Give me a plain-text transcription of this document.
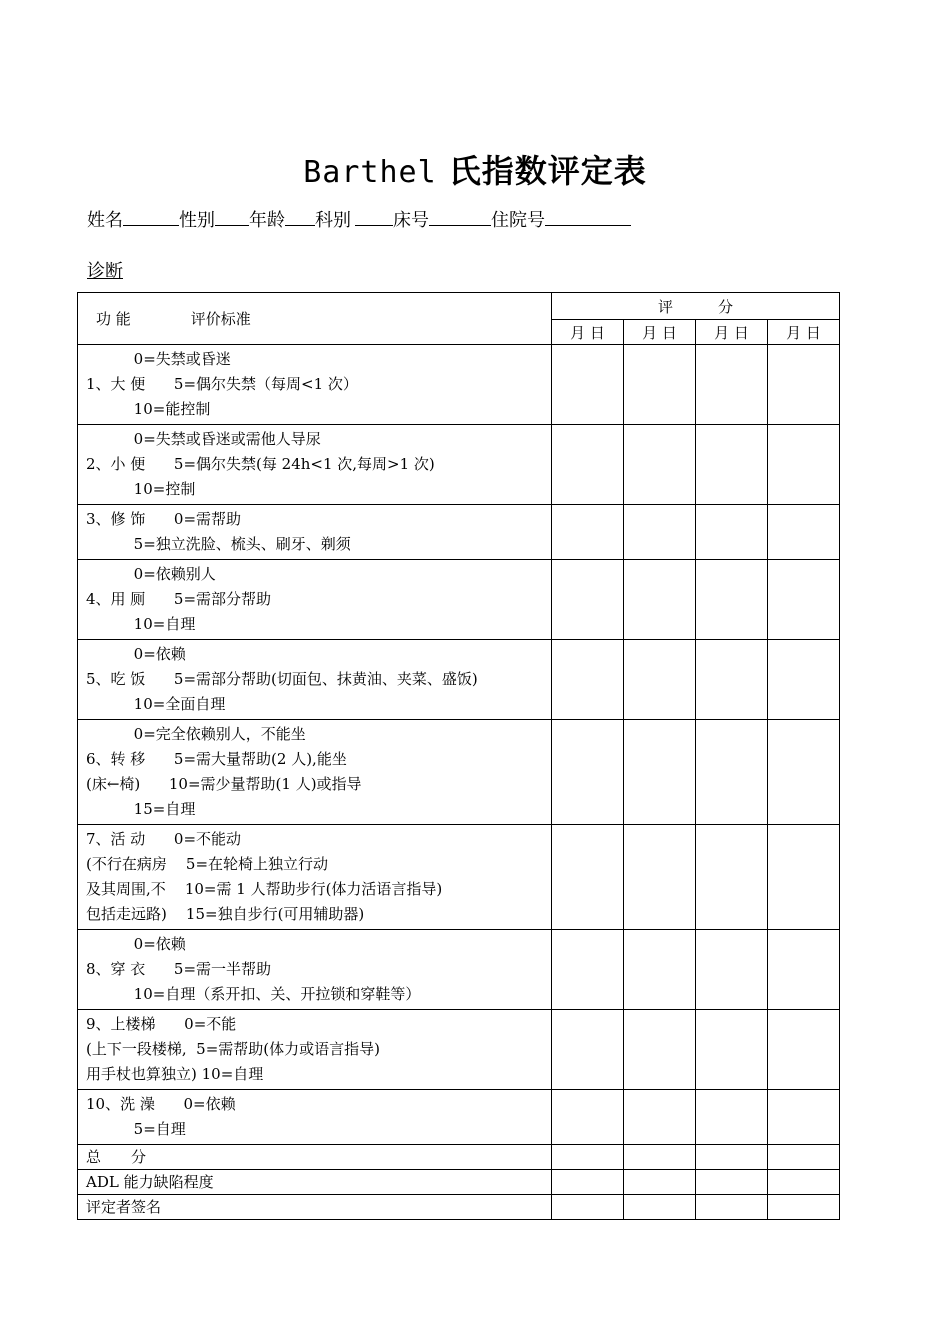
Barthel 氏指数评定表
姓名	性别 年龄 科别 床号	住院号
诊断
功 能 评价标准	评　　　分			
	月 日	月 日	月 日	月 日

0=失禁或昏迷
1、大 便      5=偶尔失禁（每周<1 次）
10=能控制				

0=失禁或昏迷或需他人导尿
2、小 便      5=偶尔失禁(每 24h<1 次,每周>1 次)
10=控制				

3、修 饰      0=需帮助
5=独立洗脸、梳头、刷牙、剃须				

0=依赖别人
4、用 厕      5=需部分帮助
10=自理				

0=依赖
5、吃 饭      5=需部分帮助(切面包、抹黄油、夹菜、盛饭)
10=全面自理				

0=完全依赖别人，不能坐
6、转 移      5=需大量帮助(2 人),能坐
(床←椅)      10=需少量帮助(1 人)或指导
15=自理				

7、活 动      0=不能动
(不行在病房    5=在轮椅上独立行动
及其周围,不    10=需 1 人帮助步行(体力活语言指导)
包括走远路)    15=独自步行(可用辅助器)				

0=依赖
8、穿 衣      5=需一半帮助
10=自理（系开扣、关、开拉锁和穿鞋等）				

9、上楼梯      0=不能
(上下一段楼梯,  5=需帮助(体力或语言指导)
用手杖也算独立) 10=自理				

10、洗 澡      0=依赖
5=自理				

总　　分				
ADL 能力缺陷程度				
评定者签名				
